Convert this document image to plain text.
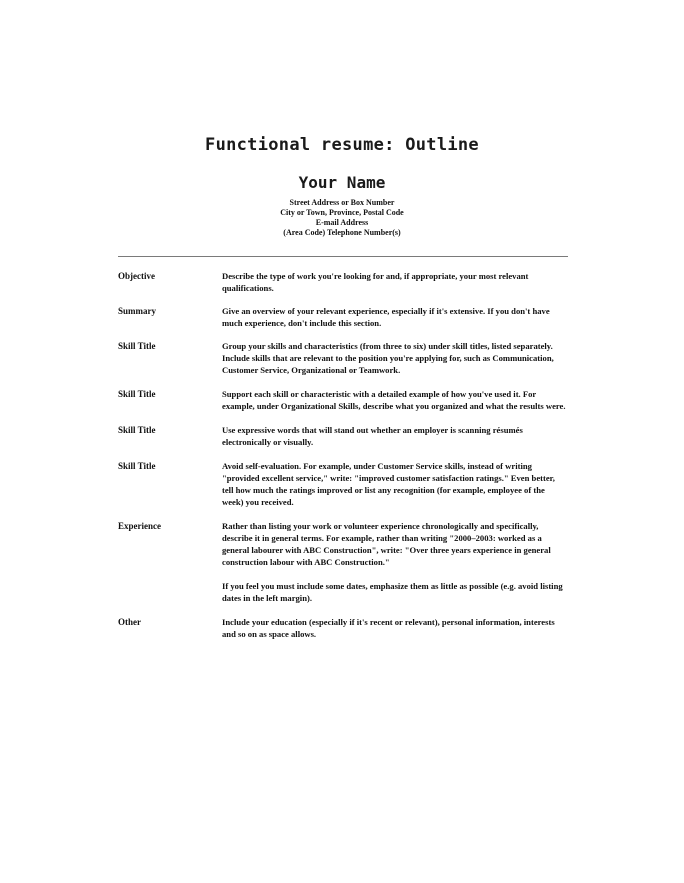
Functional resume: Outline
Your Name
Street Address or Box Number
City or Town, Province, Postal Code
E-mail Address
(Area Code) Telephone Number(s)
Objective	Describe the type of work you're looking for and, if appropriate, your most relevant qualifications.

Summary	Give an overview of your relevant experience, especially if it's extensive. If you don't have much experience, don't include this section.

Skill Title	Group your skills and characteristics (from three to six) under skill titles, listed separately. Include skills that are relevant to the position you're applying for, such as Communication, Customer Service, Organizational or Teamwork.

Skill Title	Support each skill or characteristic with a detailed example of how you've used it. For example, under Organizational Skills, describe what you organized and what the results were.

Skill Title	Use expressive words that will stand out whether an employer is scanning résumés electronically or visually.

Skill Title	Avoid self-evaluation. For example, under Customer Service skills, instead of writing "provided excellent service," write: "improved customer satisfaction ratings." Even better, tell how much the ratings improved or list any recognition (for example, employee of the week) you received.

Experience	Rather than listing your work or volunteer experience chronologically and specifically, describe it in general terms. For example, rather than writing "2000–2003: worked as a general labourer with ABC Construction", write: "Over three years experience in general construction labour with ABC Construction."

If you feel you must include some dates, emphasize them as little as possible (e.g. avoid listing dates in the left margin).

Other	Include your education (especially if it's recent or relevant), personal information, interests and so on as space allows.
